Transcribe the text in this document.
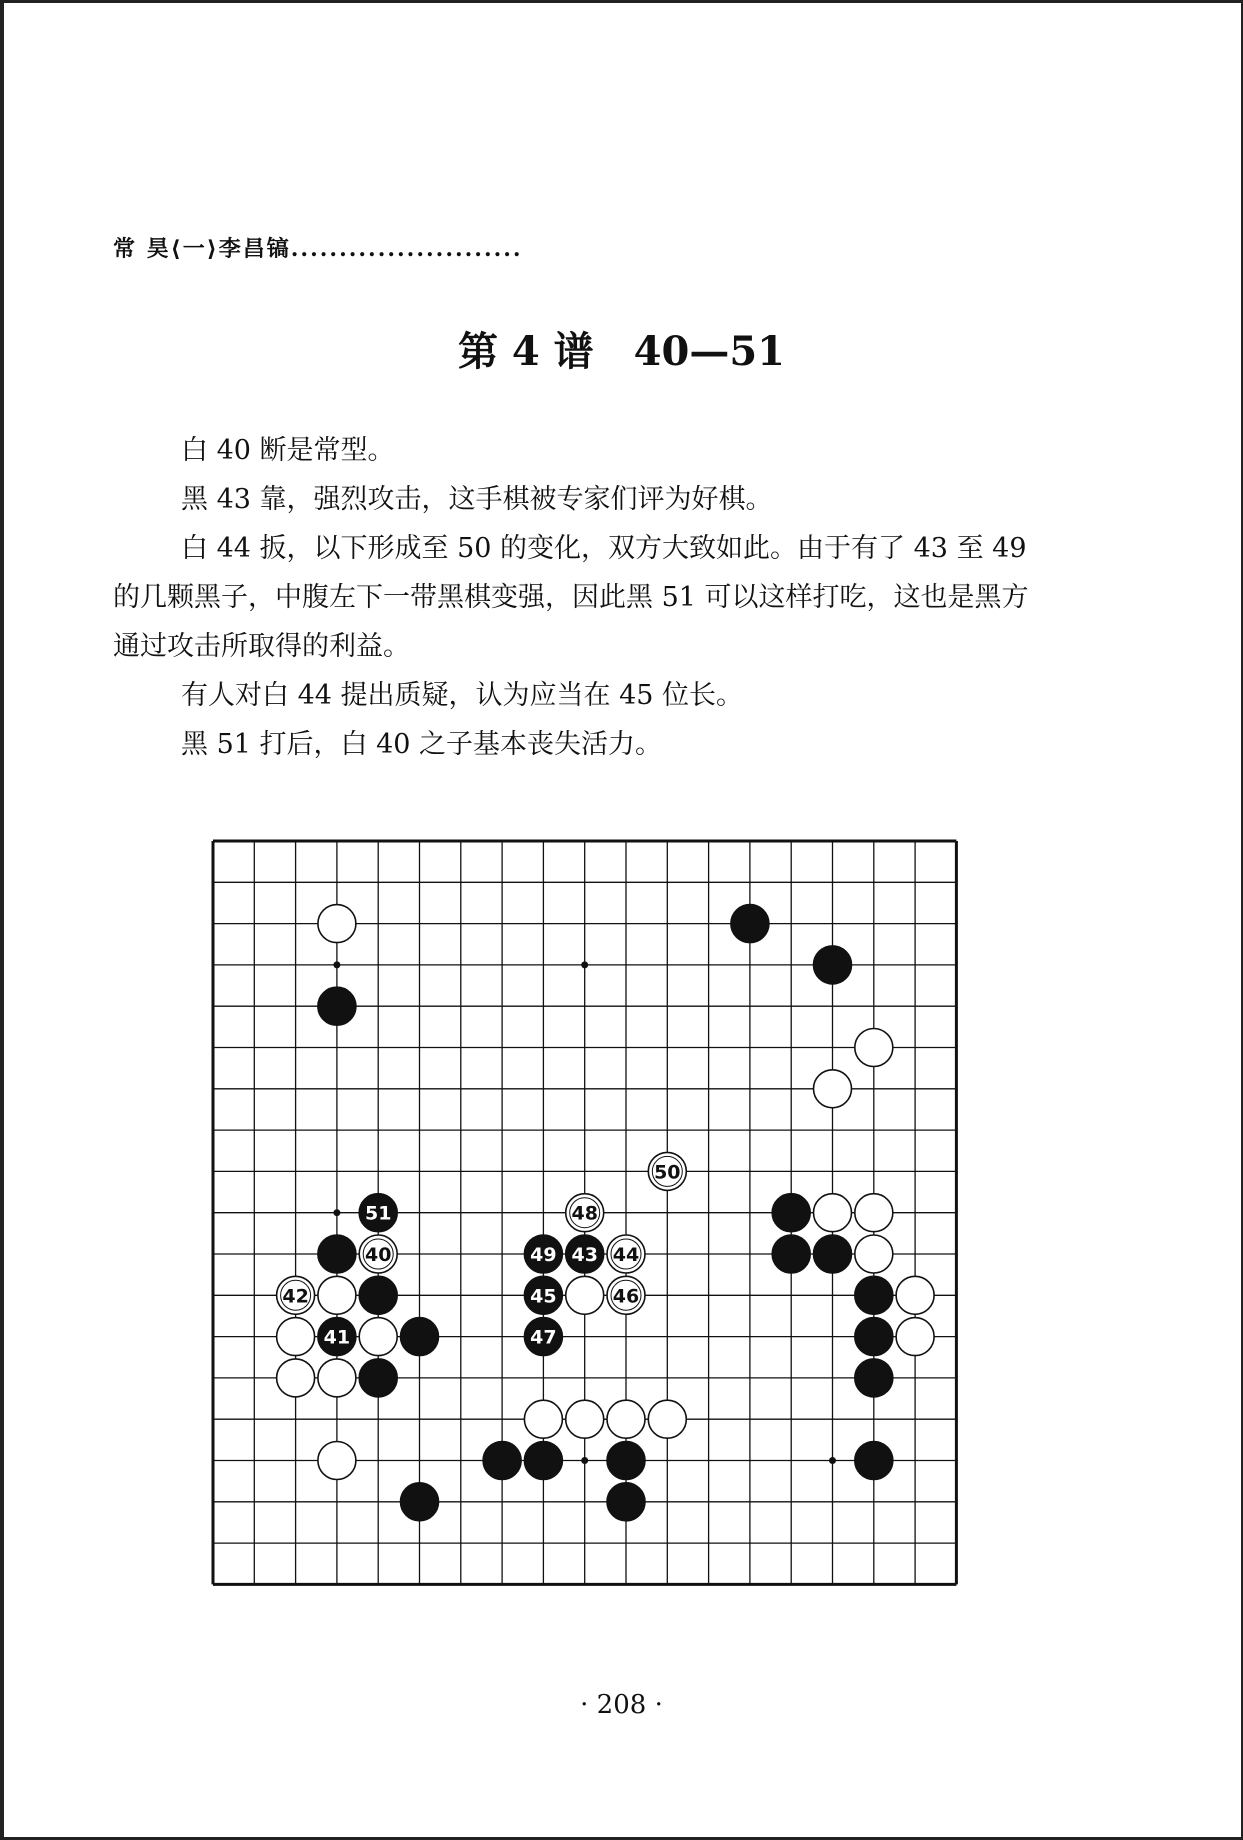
常 昊⟨一⟩李昌镐........................
第 4 谱　40—51

白 40 断是常型。

黑 43 靠，强烈攻击，这手棋被专家们评为好棋。

白 44 扳，以下形成至 50 的变化，双方大致如此。由于有了 43 至 49 的几颗黑子，中腹左下一带黑棋变强，因此黑 51 可以这样打吃，这也是黑方通过攻击所取得的利益。

有人对白 44 提出质疑，认为应当在 45 位长。

黑 51 打后，白 40 之子基本丧失活力。

50
51	48
40	49 43 44
42	45	46
41	47
· 208 ·
